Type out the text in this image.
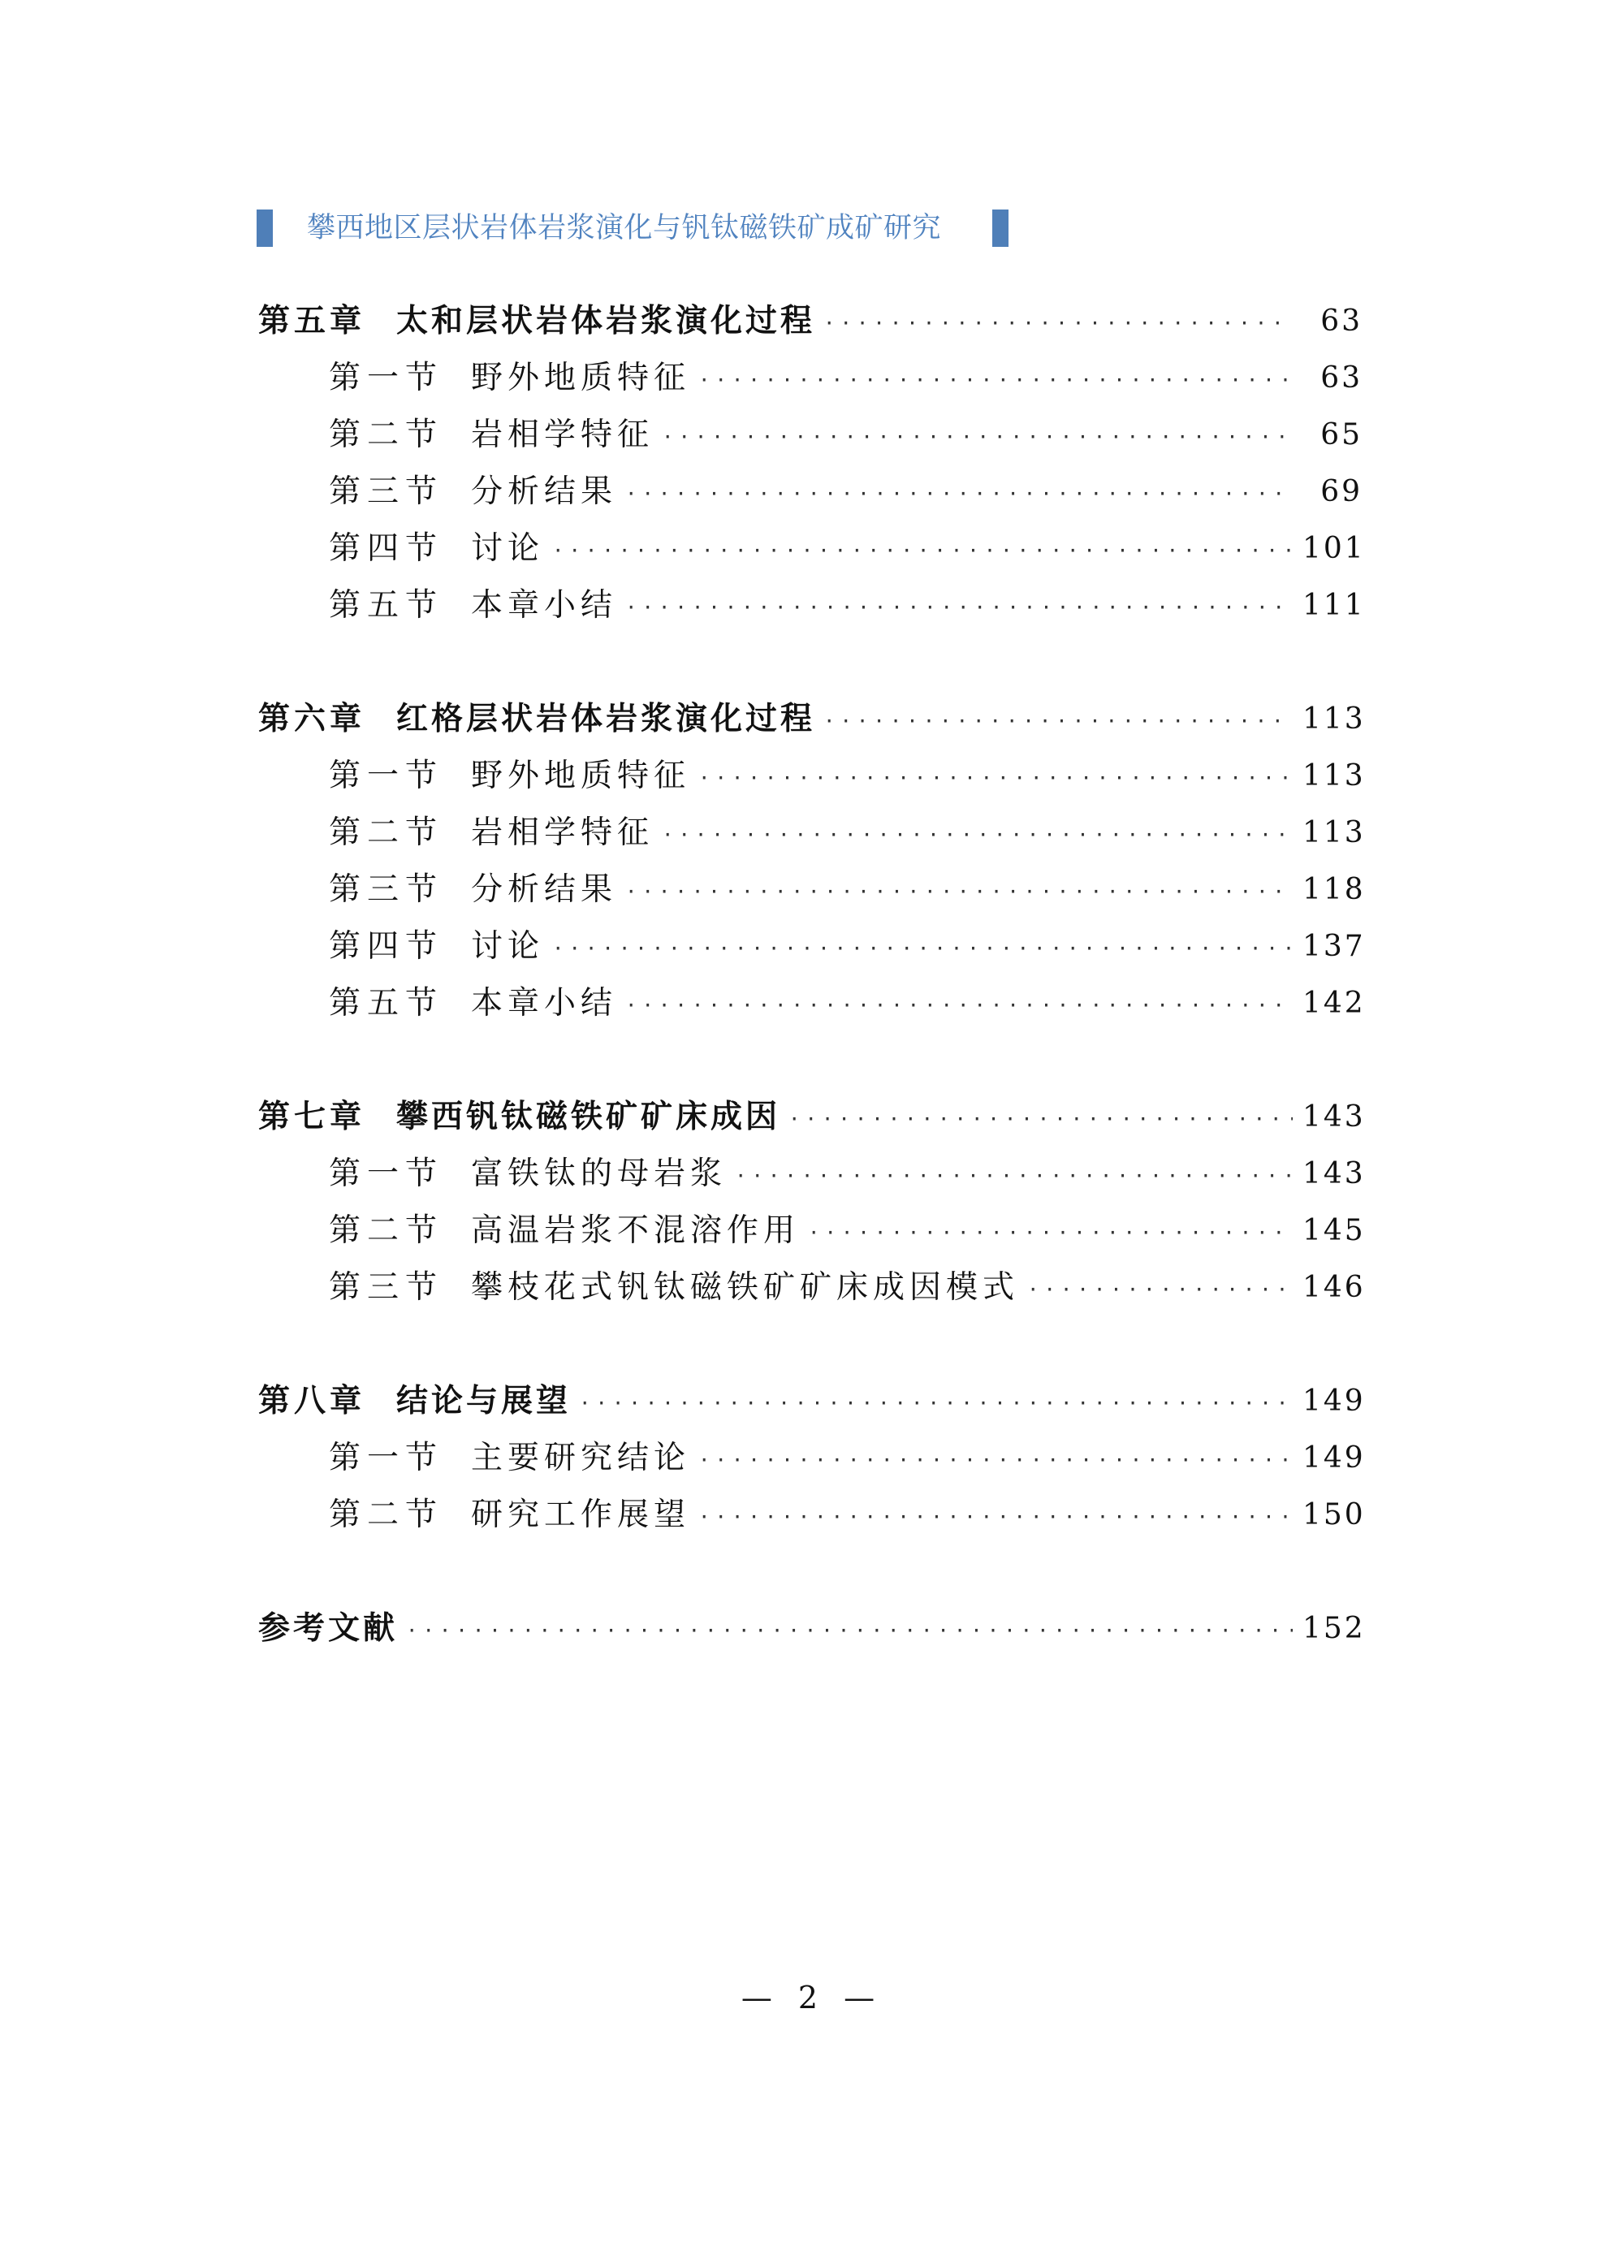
攀西地区层状岩体岩浆演化与钒钛磁铁矿成矿研究
第五章 太和层状岩体岩浆演化过程 ·····	63
第一节 野外地质特征 ·····	63
第二节 岩相学特征 ·····	65
第三节 分析结果 ·····	69
第四节 讨论 ·····	101
第五节 本章小结 ·····	111
第六章 红格层状岩体岩浆演化过程 ·····	113
第一节 野外地质特征 ·····	113
第二节 岩相学特征 ·····	113
第三节 分析结果 ·····	118
第四节 讨论 ·····	137
第五节 本章小结 ·····	142
第七章 攀西钒钛磁铁矿矿床成因 ·····	143
第一节 富铁钛的母岩浆 ·····	143
第二节 高温岩浆不混溶作用 ·····	145
第三节 攀枝花式钒钛磁铁矿矿床成因模式 ·····	146
第八章 结论与展望 ·····	149
第一节 主要研究结论 ·····	149
第二节 研究工作展望 ·····	150
参考文献 ·····	152
— 2 —
